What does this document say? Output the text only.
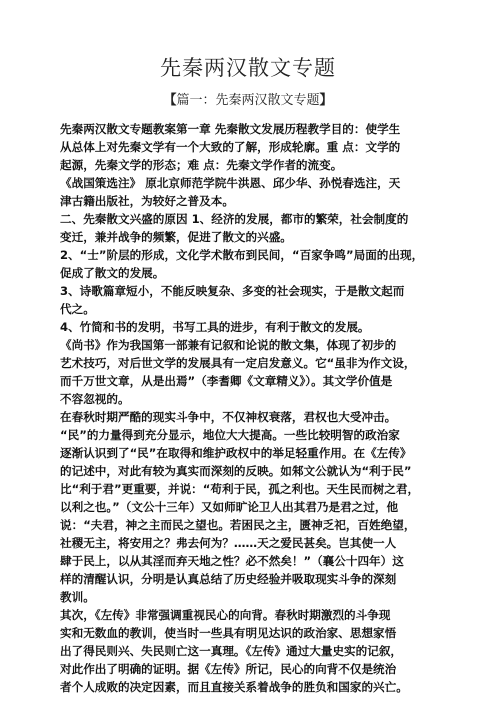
先秦两汉散文专题
【篇一：先秦两汉散文专题】
先秦两汉散文专题教案第一章 先秦散文发展历程教学目的：使学生
从总体上对先秦文学有一个大致的了解，形成轮廓。重 点：文学的
起源，先秦文学的形态；难 点：先秦文学作者的流变。
《战国策选注》 原北京师范学院牛洪恩、邱少华、孙悦春选注，天
津古籍出版社，为较好之普及本。
二、先秦散文兴盛的原因 1、经济的发展，都市的繁荣，社会制度的
变迁，兼并战争的频繁，促进了散文的兴盛。
2、“士”阶层的形成，文化学术散布到民间，“百家争鸣”局面的出现，
促成了散文的发展。
3、诗歌篇章短小，不能反映复杂、多变的社会现实，于是散文起而
代之。
4、竹简和书的发明，书写工具的进步，有利于散文的发展。
《尚书》作为我国第一部兼有记叙和论说的散文集，体现了初步的
艺术技巧，对后世文学的发展具有一定启发意义。它“虽非为作文设，
而千万世文章，从是出焉”（李耆卿《文章精义》）。其文学价值是
不容忽视的。
在春秋时期严酷的现实斗争中，不仅神权衰落，君权也大受冲击。
“民”的力量得到充分显示，地位大大提高。一些比较明智的政治家
逐渐认识到了“民”在取得和维护政权中的举足轻重作用。在《左传》
的记述中，对此有较为真实而深刻的反映。如邾文公就认为“利于民”
比“利于君”更重要，并说：“苟利于民，孤之利也。天生民而树之君，
以利之也。”（文公十三年）又如师旷论卫人出其君乃是君之过，他
说：“夫君，神之主而民之望也。若困民之主，匮神乏祀，百姓绝望，
社稷无主，将安用之？弗去何为？……天之爱民甚矣。岂其使一人
肆于民上，以从其淫而弃天地之性？必不然矣！”（襄公十四年）这
样的清醒认识，分明是认真总结了历史经验并吸取现实斗争的深刻
教训。
其次，《左传》非常强调重视民心的向背。春秋时期激烈的斗争现
实和无数血的教训，使当时一些具有明见达识的政治家、思想家悟
出了得民则兴、失民则亡这一真理。《左传》通过大量史实的记叙，
对此作出了明确的证明。据《左传》所记，民心的向背不仅是统治
者个人成败的决定因素，而且直接关系着战争的胜负和国家的兴亡。
